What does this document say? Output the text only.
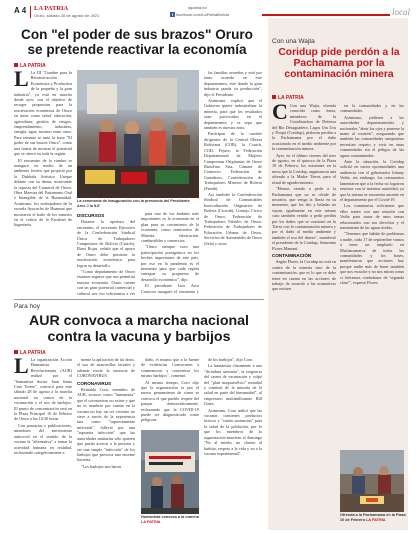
A 4 LA PATRIA
Oruro, sábado 28 de agosto de 2021
lapatria.bo
f facebook.com/LaPatriaBolivia	local
Con "el poder de sus brazos" Oruro se pretende reactivar la economía
LA PATRIA

L La III "Cumbre para la Reconstrucción Económica y Productiva de la pequeña y la gran industria", ya está en marcha desde ayer, con el objetivo de recoger propuestas para la reactivación económica de Oruro en áreas como salud, educación, agricultura, gestión de riesgos, emprendimiento, industrias, energía, agua, turismo entre otros. Para rematar se unió la frase "El poder de sus brazos Oruro", como una forma de mostrar el potencial que se ofrece en toda la región.

El encuentro de la cumbre se inauguró en medio de un ambiente festivo que propició por la Dubbala Artística Unique delante con su danza, mostrando la riqueza del Carnaval de Oruro, Obra Maestra del Patrimonio Oral e Intangible de la Humanidad. Asimismo, los embajadores de la escuela Ayacucho de Huanuni que mostraron el baile de los mineros en el colirio de la Facultad de Ingeniería.

La ceremonia de inauguración con la presencia del Presidente Arce J la ILE

DISCURSOS

Durante la apertura del encuentro, el secretario Ejecutivo de la Confederación Sindical Única de Trabajadores Campesinos de Bolivia (Csutcb), Ebert Rojas, señaló que el apoyo de Oruro debe priorizar la reactivación económica para lograr su desarrollo.

"Como departamento de Oruro estamos seguros que nos permitirá nuestra economía. Oruro cuenta con un gran potencial comercial y cultural, por eso solicitamos a ver

para uno de los ámbitos más importantes es la economía en el plan para su crecimiento de la economía, como ministerios de Minería, fabricación, combustibles y comercios.

"Oruro siempre tuvo una participación protagónica en los hechos importantes de este país, por eso en la pandemia es el momento para que cada región entregue su propuesta de desarrollo económico", dijo.

El presidente Luis Arce Catacora inauguró el encuentro y

las familias orureñas y está por tanto acuerdo en este departamento, este donde la gran industria pueda su producción", dijo el Presidente.

Asimismo, explicó que el Gobierno quiere industrializar la minería, para que los resultados sean provocados en el departamento y se sepa que también es nuestra zona.

Participan de la cumbre dirigentes de la Central Obrera Boliviana (COB), la Csutcb, COD, Fejuve, la Federación Departamental de Mujeres Campesinas Originarias de Oruro Bartolina Sisa, Cámara de Comercio, Federación de Ganaderos, Confederación de Trabajadores Mineros de Bolivia (Fsmtb).

Así también la Confederación Sindical de Comunidades Interculturales Originarios de Bolivia (Cscioib), Consejo Cívico de Oruro, Federación de Trabajadores Fabriles de Oruro, Federación de Trabajadores de Educación Urbana de Oruro, Servicios de Autoridades de Oruro (Sela) y otros.

Para hoy
AUR convoca a marcha nacional contra la vacuna y barbijos
LA PATRIA

L La organización Acción Humanista Revolucionaria (AUR) realizó por el "humanista doctor Juan Santa Cruz Torrez", convocó para este sábado 28 de agosto a la marcha nacional en contra de la vacunación y el uso de barbijos. El punto de concentración será en la Plaza Principal 10 de Febrero de Oruro a las 10:30 horas.

Con pancartas y publicaciones, miembros del movimiento anticovid en el sentido de la vacuna la "alternativa" a tomar la actividad humana en realidad, rechazando categóricamente a

mente la aplicación de las dosis, el uso de mascarillas faciales y además existe la ausencia de CORONAVIRUS.

CORONAVIRUS

Reinaldo Coro, miembro de AUR, sostuvo como "humanista" que el coronavirus no existe y que no es nombrar por cuanto en la vacuna no hay un ser viviente no sirve a través de la experiencia una como "supuestamente infectada", falleció por una "supuesta infección" que las autoridades sanitarias sólo quieren que pueda acercar a la persona y ser una simple "infección" de los barbijos que provoca una enorme bacteria.

"Los barbijos nos hacen

daño, el mismo que a la fuente de evidencias Convocaron a conmemorar y concentrar los mismo barbijos", comentó.

Al mismo tiempo, Coro dijo que la organización es por el nuevo pensamiento de cómo se convoca el que pueblo respete del parque democráticamente, rechazando que la COVID-19 puede ser diagnosticado como peligrosa.

Humanista convoca a la marcha LA PATRIA

de los barbijos", dijo Coro.

La humanista claramente a una "dictadura sanitaria", la exigencia del carnet de vacunación y culpó del "plan maquiavélico" mundial y criminal de la minoría de la salud en parte del humanidad", al empresario multimillonario Bill Gates.

Asimismo, Coro indicó que las vacunas contienen productos tóxicos y "cuatro sustancias" para la salud de la población, por lo que los miembros de la organización marchan el domingo "No al miedo, no chance al barbijo, respeto a la vida y no a la vacuna experimental".

Con una Wajta
Coridup pide perdón a la Pachamama por la contaminación minera
LA PATRIA

C Con una Wajta, ofrenda conocida como mesa, miembros de la Coordinadora de Defensa del Río Desaguadero, Lagos Uru Uru y Poopó (Coridup), pidieron perdón a la Pachamama por el daño ocasionado en el medio ambiente por la contaminación minera.

Ayer, en el último viernes del mes de agosto, en el quiosco de la Plaza 10 de Febrero, los asistentes en la mesa que la Coridup, organizaron una ofrenda a la Madre Tierra, para el ritual de agradecimiento.

"Hemos venido a pedir a la Pachamama que no se olvide de nosotros, que venga la lluvia en su momento, que los frío y heladas no vayan, igualmente en este mismo caso también venido a pedir perdón por los daños que se ocasionó en la Tierra con la contaminación minera y por el daño al medio ambiente y también el uso del dinero", manifestó el presidente de la Coridup, Saturnino Flores Mamani.

CONTAMINACIÓN

Según Flores, la Coridup no está en contra de la minería sino de la contaminación, que es lo que se debe tener en cuenta en las acciones de trabajo de acuerdo a las normativas que existen

en la comunidades y en las comunidades.

Asimismo, pidieron a las autoridades departamentales y nacionales "abrir los ojos y ponerse la mano al corazón", asegurando que también las comunidades campesinas necesitan respeto y vivir en unas comunidades sin el peligro de las aguas contaminadas.

Ante la situación, la Coridup solicitó en varios oportunidades una audiencia con el gobernador Johnny Vedia, sin embargo, los comunarios lamentaron que a la fecha no lograron reunirse con la máxima autoridad, ya que la misma se encuentra ausente en el departamento por el Covid-19.

Los comunarios solicitaron que ellos traten con una reunión con Vedia para tratar de unos temas relacionados con sus derechos y el tratamiento de las aguas ácidas.

"Tenemos que hablar de problemas a nadie, cada 17 de septiembre vamos a tener un ampliado en Machacamarca de todos las comunidades y los bases, manifestaron que acciones hay porque nadie más de buen también que nos escuche y no nos miran como si fuéramos ciudadanos de 'segunda clase'", expresó Flores.

Ofrenda a la Pachamama en la Plaza 10 de Febrero LA PATRIA
